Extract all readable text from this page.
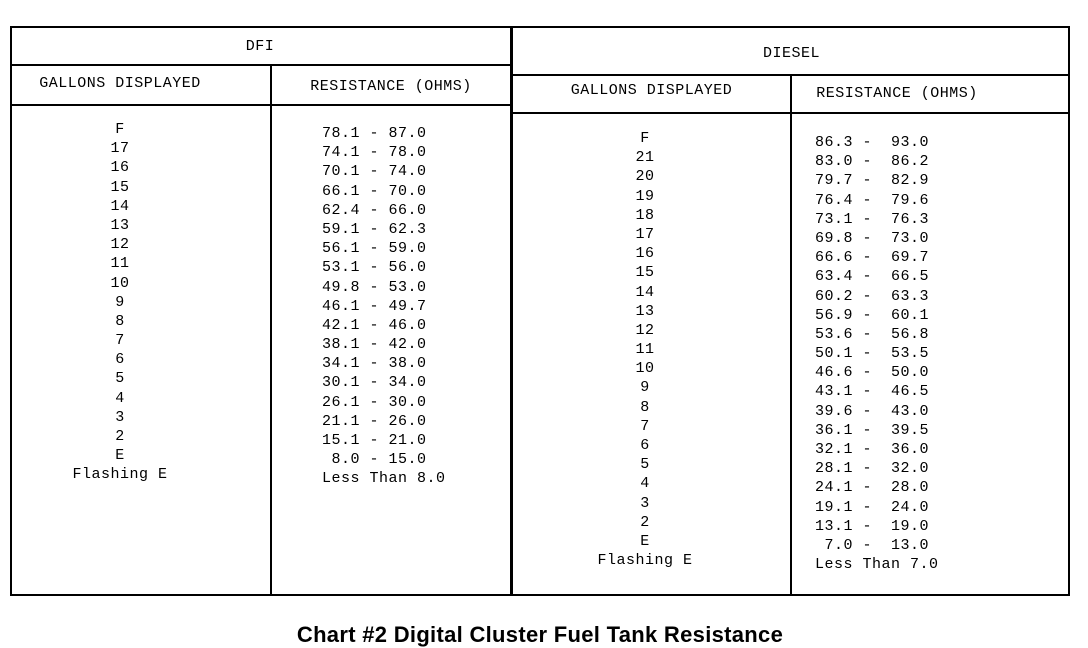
DFI
GALLONS DISPLAYED	RESISTANCE (OHMS)
DIESEL
GALLONS DISPLAYED	RESISTANCE (OHMS)
F
17
16
15
14
13
12
11
10
9
8
7
6
5
4
3
2
E
Flashing E
78.1 - 87.0
74.1 - 78.0
70.1 - 74.0
66.1 - 70.0
62.4 - 66.0
59.1 - 62.3
56.1 - 59.0
53.1 - 56.0
49.8 - 53.0
46.1 - 49.7
42.1 - 46.0
38.1 - 42.0
34.1 - 38.0
30.1 - 34.0
26.1 - 30.0
21.1 - 26.0
15.1 - 21.0
8.0 - 15.0
Less Than 8.0
F
21
20
19
18
17
16
15
14
13
12
11
10
9
8
7
6
5
4
3
2
E
Flashing E
86.3 -  93.0
83.0 -  86.2
79.7 -  82.9
76.4 -  79.6
73.1 -  76.3
69.8 -  73.0
66.6 -  69.7
63.4 -  66.5
60.2 -  63.3
56.9 -  60.1
53.6 -  56.8
50.1 -  53.5
46.6 -  50.0
43.1 -  46.5
39.6 -  43.0
36.1 -  39.5
32.1 -  36.0
28.1 -  32.0
24.1 -  28.0
19.1 -  24.0
13.1 -  19.0
7.0 -  13.0
Less Than 7.0
Chart #2 Digital Cluster Fuel Tank Resistance
